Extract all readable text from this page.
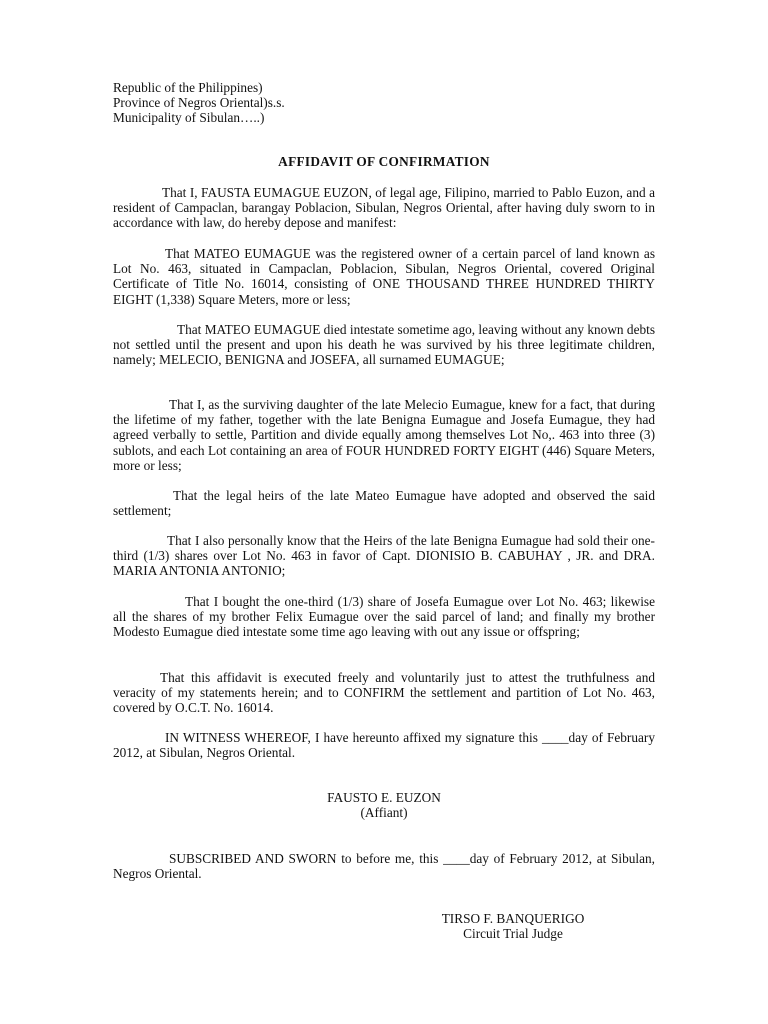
Republic of the Philippines)
Province of Negros Oriental)s.s.
Municipality of Sibulan…..)
AFFIDAVIT OF CONFIRMATION

That I, FAUSTA EUMAGUE EUZON, of legal age, Filipino, married to Pablo Euzon, and a resident of Campaclan, barangay Poblacion, Sibulan, Negros Oriental, after having duly sworn to in accordance with law, do hereby depose and manifest:

That MATEO EUMAGUE was the registered owner of a certain parcel of land known as Lot No. 463, situated in Campaclan, Poblacion, Sibulan, Negros Oriental, covered Original Certificate of Title No. 16014, consisting of ONE THOUSAND THREE HUNDRED THIRTY EIGHT (1,338) Square Meters, more or less;

That MATEO EUMAGUE died intestate sometime ago, leaving without any known debts not settled until the present and upon his death he was survived by his three legitimate children, namely; MELECIO, BENIGNA and JOSEFA, all surnamed EUMAGUE;

That I, as the surviving daughter of the late Melecio Eumague, knew for a fact, that during the lifetime of my father, together with the late Benigna Eumague and Josefa Eumague, they had agreed verbally to settle, Partition and divide equally among themselves Lot No,. 463 into three (3) sublots, and each Lot containing an area of FOUR HUNDRED FORTY EIGHT (446) Square Meters, more or less;

That the legal heirs of the late Mateo Eumague have adopted and observed the said settlement;

That I also personally know that the Heirs of the late Benigna Eumague had sold their one-third (1/3) shares over Lot No. 463 in favor of Capt. DIONISIO B. CABUHAY , JR. and DRA. MARIA ANTONIA ANTONIO;

That I bought the one-third (1/3) share of Josefa Eumague over Lot No. 463; likewise all the shares of my brother Felix Eumague over the said parcel of land; and finally my brother Modesto Eumague died intestate some time ago leaving with out any issue or offspring;

That this affidavit is executed freely and voluntarily just to attest the truthfulness and veracity of my statements herein; and to CONFIRM the settlement and partition of Lot No. 463, covered by O.C.T. No. 16014.

IN WITNESS WHEREOF, I have hereunto affixed my signature this ____day of February 2012, at Sibulan, Negros Oriental.

FAUSTO E. EUZON
(Affiant)

SUBSCRIBED AND SWORN to before me, this ____day of February 2012, at Sibulan, Negros Oriental.

TIRSO F. BANQUERIGO
Circuit Trial Judge
